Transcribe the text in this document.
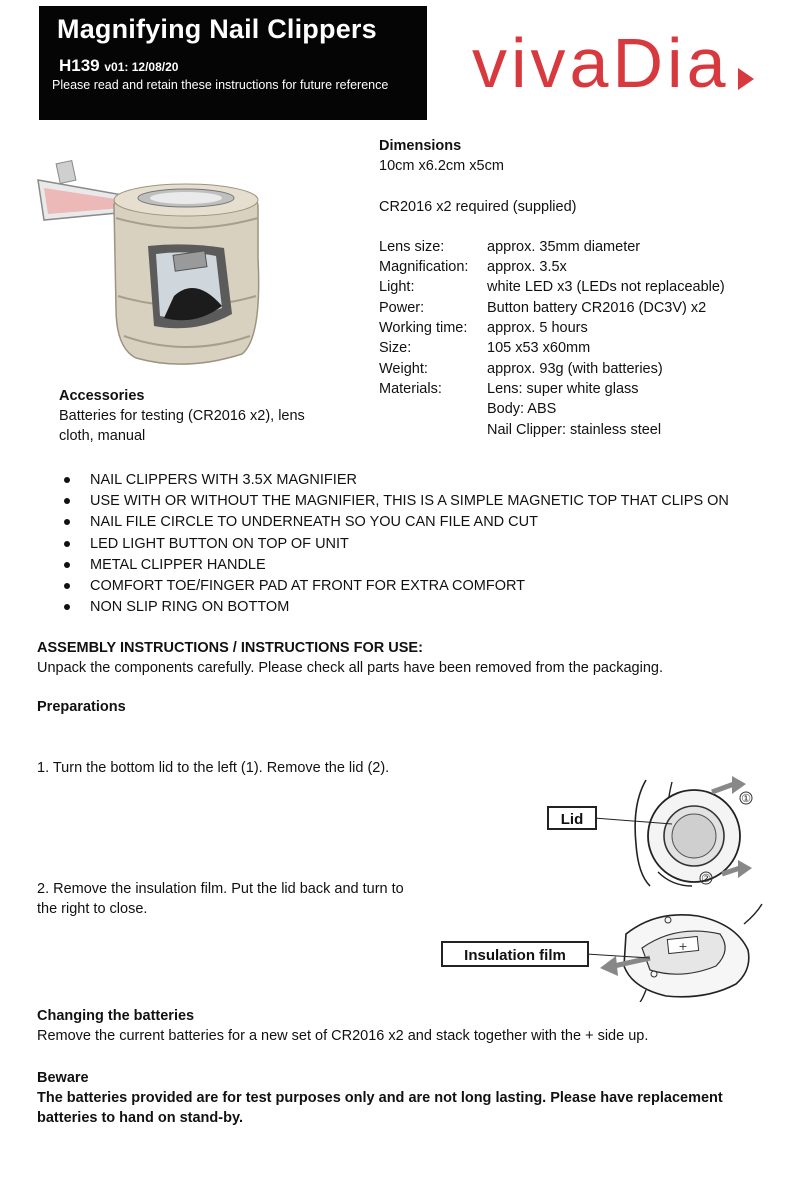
Magnifying Nail Clippers
H139 v01: 12/08/20
Please read and retain these instructions for future reference vivaDia
Dimensions
10cm x6.2cm x5cm
CR2016 x2 required (supplied)
Lens size:	approx. 35mm diameter
Magnification: approx. 3.5x
Light:	white LED x3 (LEDs not replaceable)
Power:	Button battery CR2016 (DC3V) x2
Working time: approx. 5 hours
Size:	105 x53 x60mm
Weight:	approx. 93g (with batteries)
Materials:	Lens: super white glass
Body: ABS
Nail Clipper: stainless steel
Accessories
Batteries for testing (CR2016 x2), lens cloth, manual
NAIL CLIPPERS WITH 3.5X MAGNIFIER
USE WITH OR WITHOUT THE MAGNIFIER, THIS IS A SIMPLE MAGNETIC TOP THAT CLIPS ON
NAIL FILE CIRCLE TO UNDERNEATH SO YOU CAN FILE AND CUT
LED LIGHT BUTTON ON TOP OF UNIT
METAL CLIPPER HANDLE
COMFORT TOE/FINGER PAD AT FRONT FOR EXTRA COMFORT
NON SLIP RING ON BOTTOM
ASSEMBLY INSTRUCTIONS / INSTRUCTIONS FOR USE:
Unpack the components carefully. Please check all parts have been removed from the packaging.
Preparations
1. Turn the bottom lid to the left (1). Remove the lid (2).
2. Remove the insulation film. Put the lid back and turn to the right to close.
Lid
①
②
+
Insulation film
Changing the batteries
Remove the current batteries for a new set of CR2016 x2 and stack together with the + side up.
Beware
The batteries provided are for test purposes only and are not long lasting. Please have replacement batteries to hand on stand-by.
